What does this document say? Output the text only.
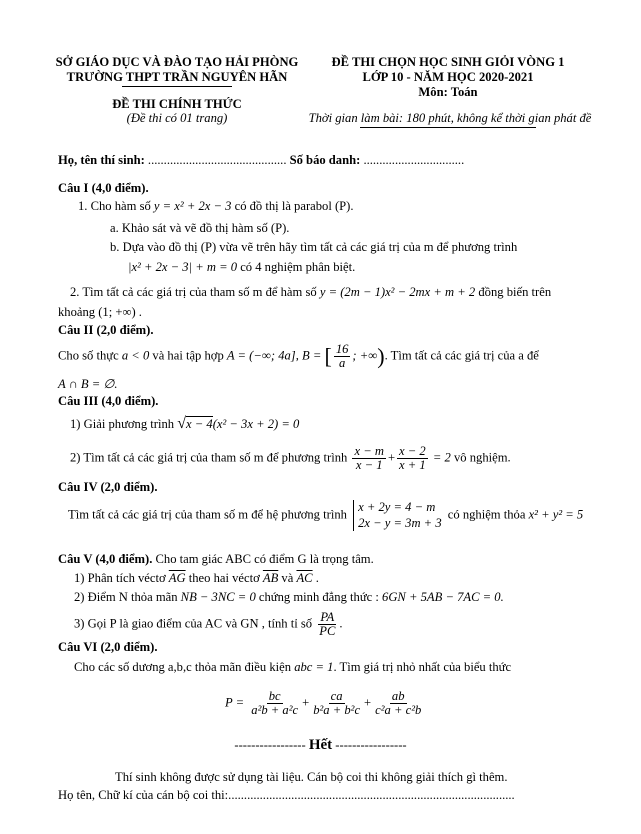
SỞ GIÁO DỤC VÀ ĐÀO TẠO HẢI PHÒNG
TRƯỜNG THPT TRẦN NGUYÊN HÃN
ĐỀ THI CHÍNH THỨC
(Đề thi có 01 trang)
ĐỀ THI CHỌN HỌC SINH GIỎI VÒNG 1
LỚP 10 - NĂM HỌC 2020-2021
Môn: Toán
Thời gian làm bài: 180 phút, không kể thời gian phát đề
Họ, tên thí sinh: ............................................ Số báo danh: ................................
Câu I (4,0 điểm).
1. Cho hàm số y = x² + 2x − 3 có đồ thị là parabol (P).
a. Khảo sát và vẽ đồ thị hàm số (P).
b. Dựa vào đồ thị (P) vừa vẽ trên hãy tìm tất cả các giá trị của m để phương trình
|x² + 2x − 3| + m = 0 có 4 nghiệm phân biệt.
2. Tìm tất cả các giá trị của tham số m để hàm số y = (2m − 1)x² − 2mx + m + 2 đồng biến trên
khoảng (1; +∞) .
Câu II (2,0 điểm).
Cho số thực a < 0 và hai tập hợp A = (−∞; 4a], B = [ $\frac{16}{a}$ ; +∞). Tìm tất cả các giá trị của a để
A ∩ B = ∅.
Câu III (4,0 điểm).
1) Giải phương trình √x − 4(x² − 3x + 2) = 0
2) Tìm tất cả các giá trị của tham số m để phương trình $\frac{x - m}{x - 1} + \frac{x - 2}{x + 1} = 2$ vô nghiệm.
Câu IV (2,0 điểm).
Tìm tất cả các giá trị của tham số m để hệ phương trình x + 2y = 4 − m
2x − y = 3m + 3 có nghiệm thỏa x² + y² = 5
Câu V (4,0 điểm). Cho tam giác ABC có điểm G là trọng tâm.
1) Phân tích véctơ $\overline{AG}$ theo hai véctơ $\overline{AB}$ và $\overline{AC}$ .
2) Điểm N thỏa mãn NB − 3NC = 0 chứng minh đẳng thức : 6GN + 5AB − 7AC = 0.
3) Gọi P là giao điểm của AC và GN , tính tỉ số $\frac{PA}{PC}$ .
Câu VI (2,0 điểm).
Cho các số dương a,b,c thỏa mãn điều kiện abc = 1. Tìm giá trị nhỏ nhất của biểu thức
$P = \frac{bc}{\text{a²b + a²c}} + \frac{ca}{\text{b²a + b²c}} + \frac{ab}{\text{c²a + c²b}}$
----------------- Hết -----------------
Thí sinh không được sử dụng tài liệu. Cán bộ coi thi không giải thích gì thêm.
Họ tên, Chữ kí của cán bộ coi thi:...........................................................................................
